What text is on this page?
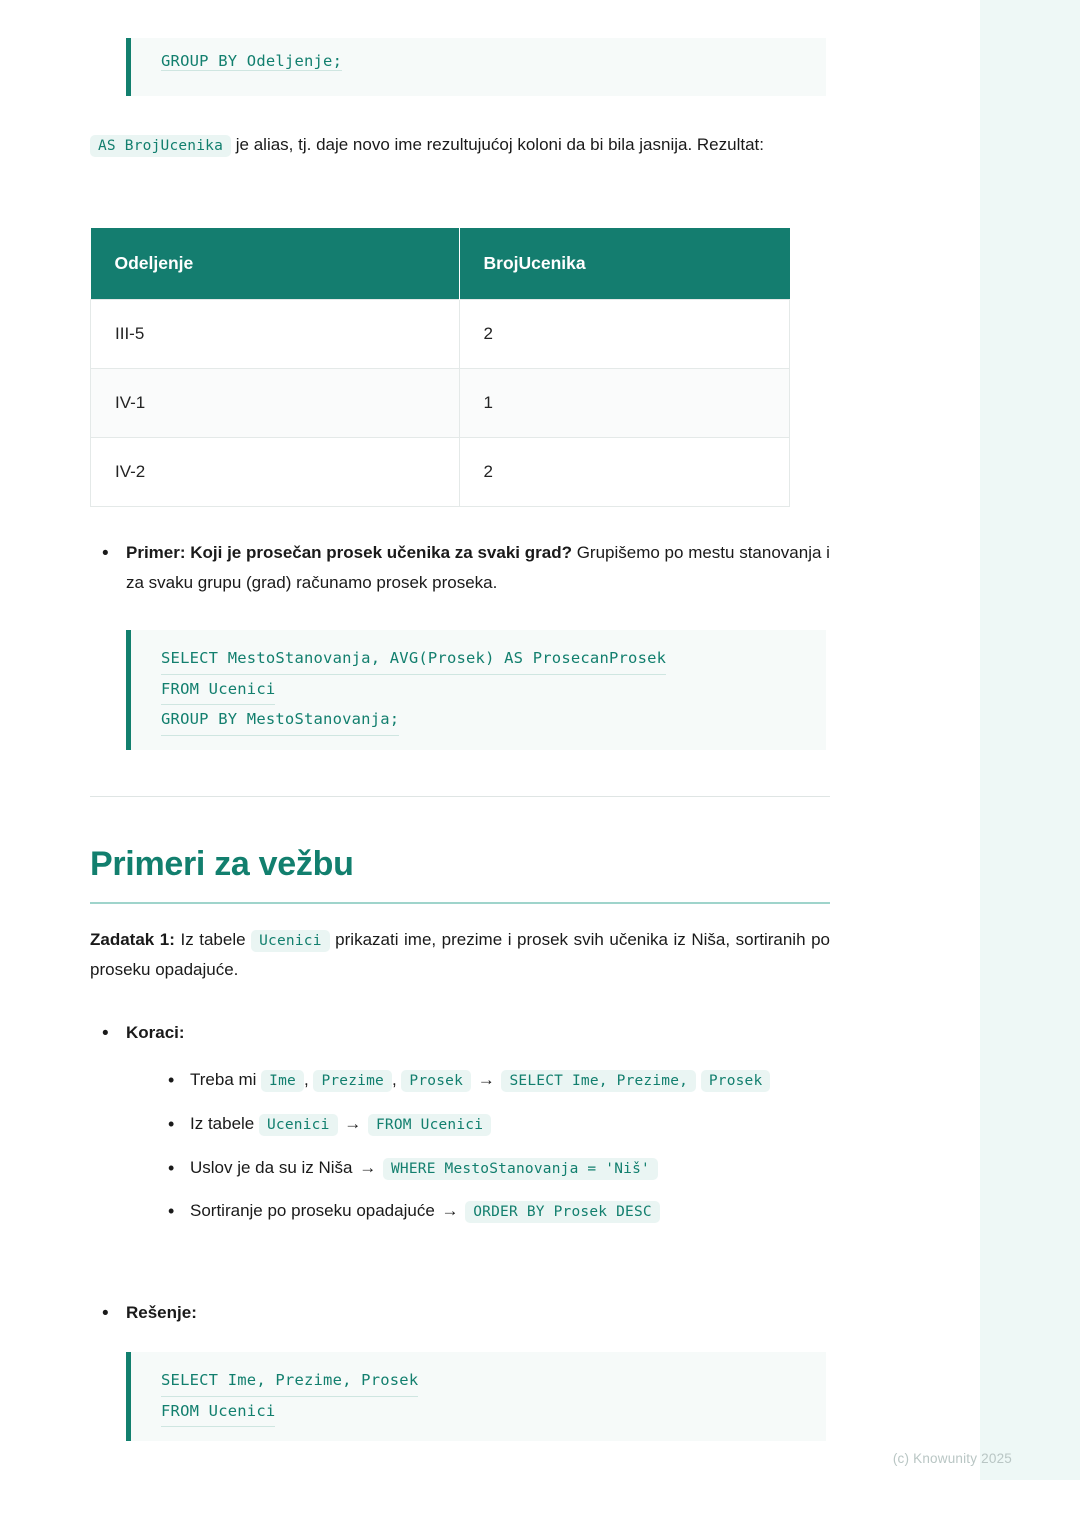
GROUP BY Odeljenje;

AS BrojUcenika je alias, tj. daje novo ime rezultujućoj koloni da bi bila jasnija. Rezultat:

Odeljenje	BrojUcenika
III-5	2
IV-1	1
IV-2	2
• Primer: Koji je prosečan prosek učenika za svaki grad? Grupišemo po mestu stanovanja i za svaku grupu (grad) računamo prosek proseka.
SELECT MestoStanovanja, AVG(Prosek) AS ProsecanProsek
FROM Ucenici
GROUP BY MestoStanovanja;
Primeri za vežbu

Zadatak 1: Iz tabele Ucenici prikazati ime, prezime i prosek svih učenika iz Niša, sortiranih po proseku opadajuće.

• Koraci:
• Treba mi Ime , Prezime , Prosek → SELECT Ime, Prezime, Prosek
• Iz tabele Ucenici → FROM Ucenici
• Uslov je da su iz Niša → WHERE MestoStanovanja = 'Niš'
• Sortiranje po proseku opadajuće → ORDER BY Prosek DESC
• Rešenje:
SELECT Ime, Prezime, Prosek
FROM Ucenici
(c) Knowunity 2025
